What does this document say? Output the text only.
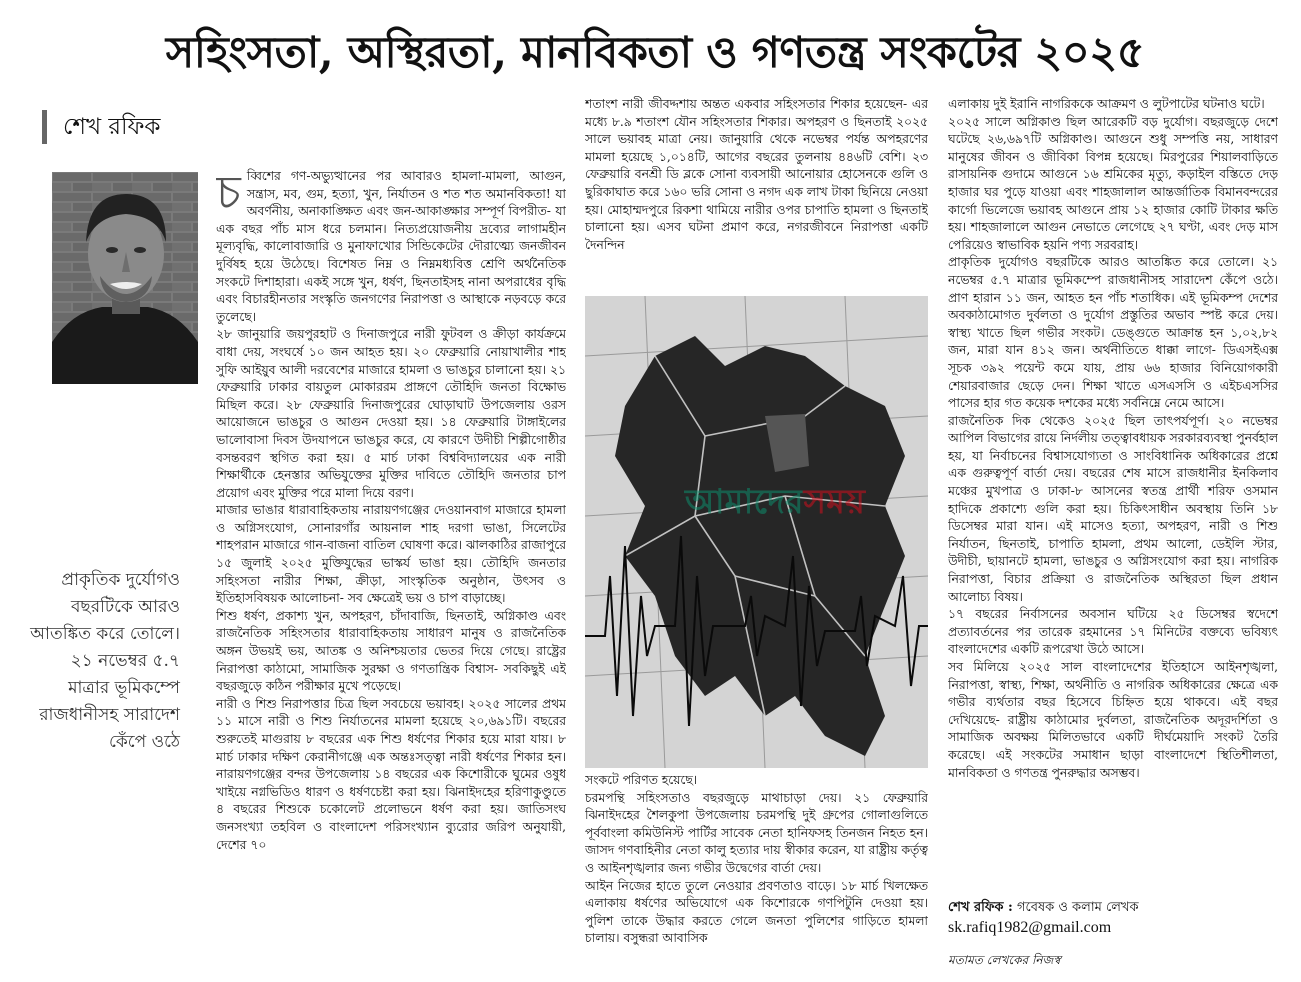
সহিংসতা, অস্থিরতা, মানবিকতা ও গণতন্ত্র সংকটের ২০২৫
শেখ রফিক
প্রাকৃতিক দুর্যোগও বছরটিকে আরও আতঙ্কিত করে তোলে। ২১ নভেম্বর ৫.৭ মাত্রার ভূমিকম্পে রাজধানীসহ সারাদেশ কেঁপে ওঠে
চ ব্বিশের গণ-অভ্যুত্থানের পর আবারও হামলা-মামলা, আগুন, সন্ত্রাস, মব, গুম, হত্যা, খুন, নির্যাতন ও শত শত অমানবিকতা! যা অবর্ণনীয়, অনাকাঙ্ক্ষিত এবং জন-আকাঙ্ক্ষার সম্পূর্ণ বিপরীত- যা এক বছর পাঁচ মাস ধরে চলমান। নিত্যপ্রয়োজনীয় দ্রব্যের লাগামহীন মূল্যবৃদ্ধি, কালোবাজারি ও মুনাফাখোর সিন্ডিকেটের দৌরাত্ম্যে জনজীবন দুর্বিষহ হয়ে উঠেছে। বিশেষত নিম্ন ও নিম্নমধ্যবিত্ত শ্রেণি অর্থনৈতিক সংকটে দিশাহারা। একই সঙ্গে খুন, ধর্ষণ, ছিনতাইসহ নানা অপরাধের বৃদ্ধি এবং বিচারহীনতার সংস্কৃতি জনগণের নিরাপত্তা ও আস্থাকে নড়বড়ে করে তুলেছে।

২৮ জানুয়ারি জয়পুরহাট ও দিনাজপুরে নারী ফুটবল ও ক্রীড়া কার্যক্রমে বাধা দেয়, সংঘর্ষে ১০ জন আহত হয়। ২০ ফেব্রুয়ারি নোয়াখালীর শাহ সুফি আইয়ুব আলী দরবেশের মাজারে হামলা ও ভাঙচুর চালানো হয়। ২১ ফেব্রুয়ারি ঢাকার বায়তুল মোকাররম প্রাঙ্গণে তৌহিদি জনতা বিক্ষোভ মিছিল করে। ২৮ ফেব্রুয়ারি দিনাজপুরের ঘোড়াঘাট উপজেলায় ওরস আয়োজনে ভাঙচুর ও আগুন দেওয়া হয়। ১৪ ফেব্রুয়ারি টাঙ্গাইলের ভালোবাসা দিবস উদযাপনে ভাঙচুর করে, যে কারণে উদীচী শিল্পীগোষ্ঠীর বসন্তবরণ স্থগিত করা হয়। ৫ মার্চ ঢাকা বিশ্ববিদ্যালয়ের এক নারী শিক্ষার্থীকে হেনস্তার অভিযুক্তের মুক্তির দাবিতে তৌহিদি জনতার চাপ প্রয়োগ এবং মুক্তির পরে মালা দিয়ে বরণ।

মাজার ভাঙার ধারাবাহিকতায় নারায়ণগঞ্জের দেওয়ানবাগ মাজারে হামলা ও অগ্নিসংযোগ, সোনারগাঁর আয়নাল শাহ দরগা ভাঙা, সিলেটের শাহপরান মাজারে গান-বাজনা বাতিল ঘোষণা করে। ঝালকাঠির রাজাপুরে ১৫ জুলাই ২০২৫ মুক্তিযুদ্ধের ভাস্কর্য ভাঙা হয়। তৌহিদি জনতার সহিংসতা নারীর শিক্ষা, ক্রীড়া, সাংস্কৃতিক অনুষ্ঠান, উৎসব ও ইতিহাসবিষয়ক আলোচনা- সব ক্ষেত্রেই ভয় ও চাপ বাড়াচ্ছে।

শিশু ধর্ষণ, প্রকাশ্য খুন, অপহরণ, চাঁদাবাজি, ছিনতাই, অগ্নিকাণ্ড এবং রাজনৈতিক সহিংসতার ধারাবাহিকতায় সাধারণ মানুষ ও রাজনৈতিক অঙ্গন উভয়ই ভয়, আতঙ্ক ও অনিশ্চয়তার ভেতর দিয়ে গেছে। রাষ্ট্রের নিরাপত্তা কাঠামো, সামাজিক সুরক্ষা ও গণতান্ত্রিক বিশ্বাস- সবকিছুই এই বছরজুড়ে কঠিন পরীক্ষার মুখে পড়েছে।

নারী ও শিশু নিরাপত্তার চিত্র ছিল সবচেয়ে ভয়াবহ। ২০২৫ সালের প্রথম ১১ মাসে নারী ও শিশু নির্যাতনের মামলা হয়েছে ২০,৬৯১টি। বছরের শুরুতেই মাগুরায় ৮ বছরের এক শিশু ধর্ষণের শিকার হয়ে মারা যায়। ৮ মার্চ ঢাকার দক্ষিণ কেরানীগঞ্জে এক অন্তঃসত্ত্বা নারী ধর্ষণের শিকার হন। নারায়ণগঞ্জের বন্দর উপজেলায় ১৪ বছরের এক কিশোরীকে ঘুমের ওষুধ খাইয়ে নগ্নভিডিও ধারণ ও ধর্ষণচেষ্টা করা হয়। ঝিনাইদহের হরিণাকুণ্ডুতে ৪ বছরের শিশুকে চকোলেট প্রলোভনে ধর্ষণ করা হয়। জাতিসংঘ জনসংখ্যা তহবিল ও বাংলাদেশ পরিসংখ্যান ব্যুরোর জরিপ অনুযায়ী, দেশের ৭০

শতাংশ নারী জীবদ্দশায় অন্তত একবার সহিংসতার শিকার হয়েছেন- এর মধ্যে ৮.৯ শতাংশ যৌন সহিংসতার শিকার। অপহরণ ও ছিনতাই ২০২৫ সালে ভয়াবহ মাত্রা নেয়। জানুয়ারি থেকে নভেম্বর পর্যন্ত অপহরণের মামলা হয়েছে ১,০১৪টি, আগের বছরের তুলনায় ৪৪৬টি বেশি। ২৩ ফেব্রুয়ারি বনশ্রী ডি ব্লকে সোনা ব্যবসায়ী আনোয়ার হোসেনকে গুলি ও ছুরিকাঘাত করে ১৬০ ভরি সোনা ও নগদ এক লাখ টাকা ছিনিয়ে নেওয়া হয়। মোহাম্মদপুরে রিকশা থামিয়ে নারীর ওপর চাপাতি হামলা ও ছিনতাই চালানো হয়। এসব ঘটনা প্রমাণ করে, নগরজীবনে নিরাপত্তা একটি দৈনন্দিন

আমাদেরসময়

সংকটে পরিণত হয়েছে।

চরমপন্থি সহিংসতাও বছরজুড়ে মাথাচাড়া দেয়। ২১ ফেব্রুয়ারি ঝিনাইদহের শৈলকুপা উপজেলায় চরমপন্থি দুই গ্রুপের গোলাগুলিতে পূর্ববাংলা কমিউনিস্ট পার্টির সাবেক নেতা হানিফসহ তিনজন নিহত হন। জাসদ গণবাহিনীর নেতা কালু হত্যার দায় স্বীকার করেন, যা রাষ্ট্রীয় কর্তৃত্ব ও আইনশৃঙ্খলার জন্য গভীর উদ্বেগের বার্তা দেয়।

আইন নিজের হাতে তুলে নেওয়ার প্রবণতাও বাড়ে। ১৮ মার্চ খিলক্ষেত এলাকায় ধর্ষণের অভিযোগে এক কিশোরকে গণপিটুনি দেওয়া হয়। পুলিশ তাকে উদ্ধার করতে গেলে জনতা পুলিশের গাড়িতে হামলা চালায়। বসুন্ধরা আবাসিক

এলাকায় দুই ইরানি নাগরিককে আক্রমণ ও লুটপাটের ঘটনাও ঘটে।

২০২৫ সালে অগ্নিকাণ্ড ছিল আরেকটি বড় দুর্যোগ। বছরজুড়ে দেশে ঘটেছে ২৬,৬৯৭টি অগ্নিকাণ্ড। আগুনে শুধু সম্পত্তি নয়, সাধারণ মানুষের জীবন ও জীবিকা বিপন্ন হয়েছে। মিরপুরের শিয়ালবাড়িতে রাসায়নিক গুদামে আগুনে ১৬ শ্রমিকের মৃত্যু, কড়াইল বস্তিতে দেড় হাজার ঘর পুড়ে যাওয়া এবং শাহজালাল আন্তর্জাতিক বিমানবন্দরের কার্গো ভিলেজে ভয়াবহ আগুনে প্রায় ১২ হাজার কোটি টাকার ক্ষতি হয়। শাহজালালে আগুন নেভাতে লেগেছে ২৭ ঘণ্টা, এবং দেড় মাস পেরিয়েও স্বাভাবিক হয়নি পণ্য সরবরাহ।

প্রাকৃতিক দুর্যোগও বছরটিকে আরও আতঙ্কিত করে তোলে। ২১ নভেম্বর ৫.৭ মাত্রার ভূমিকম্পে রাজধানীসহ সারাদেশ কেঁপে ওঠে। প্রাণ হারান ১১ জন, আহত হন পাঁচ শতাধিক। এই ভূমিকম্প দেশের অবকাঠামোগত দুর্বলতা ও দুর্যোগ প্রস্তুতির অভাব স্পষ্ট করে দেয়। স্বাস্থ্য খাতে ছিল গভীর সংকট। ডেঙ্গুতে আক্রান্ত হন ১,০২,৮২ জন, মারা যান ৪১২ জন। অর্থনীতিতে ধাক্কা লাগে- ডিএসইএক্স সূচক ৩৯২ পয়েন্ট কমে যায়, প্রায় ৬৬ হাজার বিনিয়োগকারী শেয়ারবাজার ছেড়ে দেন। শিক্ষা খাতে এসএসসি ও এইচএসসির পাসের হার গত কয়েক দশকের মধ্যে সর্বনিম্নে নেমে আসে।

রাজনৈতিক দিক থেকেও ২০২৫ ছিল তাৎপর্যপূর্ণ। ২০ নভেম্বর আপিল বিভাগের রায়ে নির্দলীয় তত্ত্বাবধায়ক সরকারব্যবস্থা পুনর্বহাল হয়, যা নির্বাচনের বিশ্বাসযোগ্যতা ও সাংবিধানিক অধিকারের প্রশ্নে এক গুরুত্বপূর্ণ বার্তা দেয়। বছরের শেষ মাসে রাজধানীর ইনকিলাব মঞ্চের মুখপাত্র ও ঢাকা-৮ আসনের স্বতন্ত্র প্রার্থী শরিফ ওসমান হাদিকে প্রকাশ্যে গুলি করা হয়। চিকিৎসাধীন অবস্থায় তিনি ১৮ ডিসেম্বর মারা যান। এই মাসেও হত্যা, অপহরণ, নারী ও শিশু নির্যাতন, ছিনতাই, চাপাতি হামলা, প্রথম আলো, ডেইলি স্টার, উদীচী, ছায়ানটে হামলা, ভাঙচুর ও অগ্নিসংযোগ করা হয়। নাগরিক নিরাপত্তা, বিচার প্রক্রিয়া ও রাজনৈতিক অস্থিরতা ছিল প্রধান আলোচ্য বিষয়।

১৭ বছরের নির্বাসনের অবসান ঘটিয়ে ২৫ ডিসেম্বর স্বদেশে প্রত্যাবর্তনের পর তারেক রহমানের ১৭ মিনিটের বক্তব্যে ভবিষ্যৎ বাংলাদেশের একটি রূপরেখা উঠে আসে।

সব মিলিয়ে ২০২৫ সাল বাংলাদেশের ইতিহাসে আইনশৃঙ্খলা, নিরাপত্তা, স্বাস্থ্য, শিক্ষা, অর্থনীতি ও নাগরিক অধিকারের ক্ষেত্রে এক গভীর ব্যর্থতার বছর হিসেবে চিহ্নিত হয়ে থাকবে। এই বছর দেখিয়েছে- রাষ্ট্রীয় কাঠামোর দুর্বলতা, রাজনৈতিক অদূরদর্শিতা ও সামাজিক অবক্ষয় মিলিতভাবে একটি দীর্ঘমেয়াদি সংকট তৈরি করেছে। এই সংকটের সমাধান ছাড়া বাংলাদেশে স্থিতিশীলতা, মানবিকতা ও গণতন্ত্র পুনরুদ্ধার অসম্ভব।

শেখ রফিক : গবেষক ও কলাম লেখক
sk.rafiq1982@gmail.com
মতামত লেখকের নিজস্ব
